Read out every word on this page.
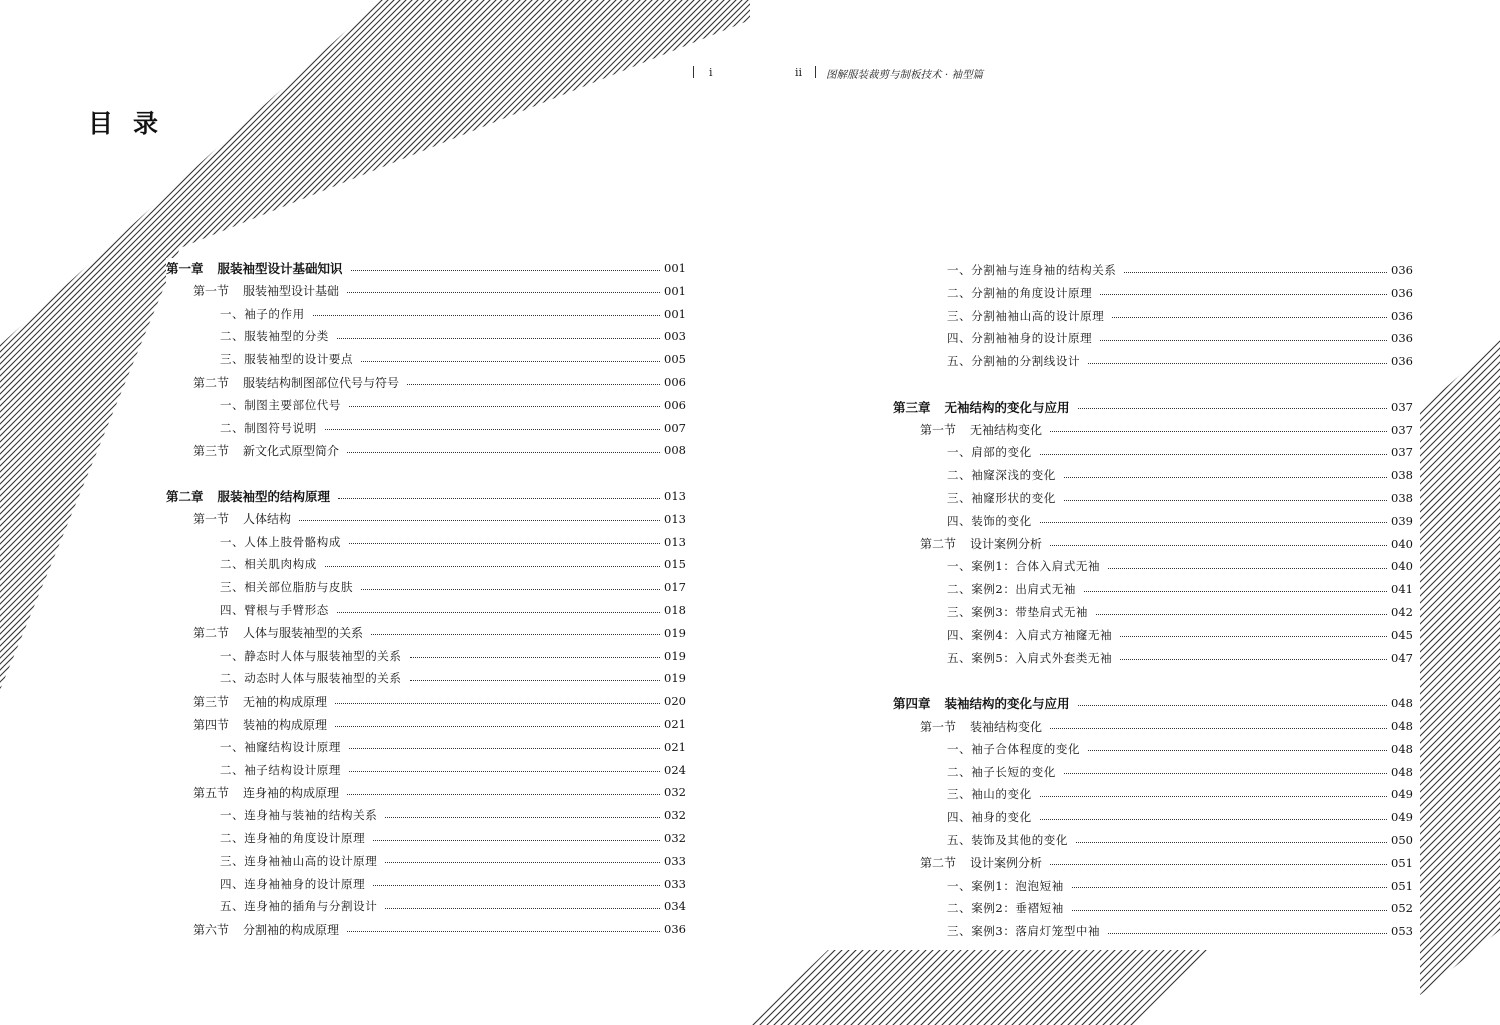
i	ii 图解服装裁剪与制板技术 · 袖型篇
目 录
第一章 服装袖型设计基础知识	001
第一节 服装袖型设计基础	001
一、袖子的作用	001
二、服装袖型的分类	003
三、服装袖型的设计要点	005
第二节 服装结构制图部位代号与符号	006
一、制图主要部位代号	006
二、制图符号说明	007
第三节 新文化式原型简介	008
第二章 服装袖型的结构原理	013
第一节 人体结构	013
一、人体上肢骨骼构成	013
二、相关肌肉构成	015
三、相关部位脂肪与皮肤	017
四、臂根与手臂形态	018
第二节 人体与服装袖型的关系	019
一、静态时人体与服装袖型的关系	019
二、动态时人体与服装袖型的关系	019
第三节 无袖的构成原理	020
第四节 装袖的构成原理	021
一、袖窿结构设计原理	021
二、袖子结构设计原理	024
第五节 连身袖的构成原理	032
一、连身袖与装袖的结构关系	032
二、连身袖的角度设计原理	032
三、连身袖袖山高的设计原理	033
四、连身袖袖身的设计原理	033
五、连身袖的插角与分割设计	034
第六节 分割袖的构成原理	036
一、分割袖与连身袖的结构关系	036
二、分割袖的角度设计原理	036
三、分割袖袖山高的设计原理	036
四、分割袖袖身的设计原理	036
五、分割袖的分割线设计	036
第三章 无袖结构的变化与应用	037
第一节 无袖结构变化	037
一、肩部的变化	037
二、袖窿深浅的变化	038
三、袖窿形状的变化	038
四、装饰的变化	039
第二节 设计案例分析	040
一、案例1：合体入肩式无袖	040
二、案例2：出肩式无袖	041
三、案例3：带垫肩式无袖	042
四、案例4：入肩式方袖窿无袖	045
五、案例5：入肩式外套类无袖	047
第四章 装袖结构的变化与应用	048
第一节 装袖结构变化	048
一、袖子合体程度的变化	048
二、袖子长短的变化	048
三、袖山的变化	049
四、袖身的变化	049
五、装饰及其他的变化	050
第二节 设计案例分析	051
一、案例1：泡泡短袖	051
二、案例2：垂褶短袖	052
三、案例3：落肩灯笼型中袖	053
